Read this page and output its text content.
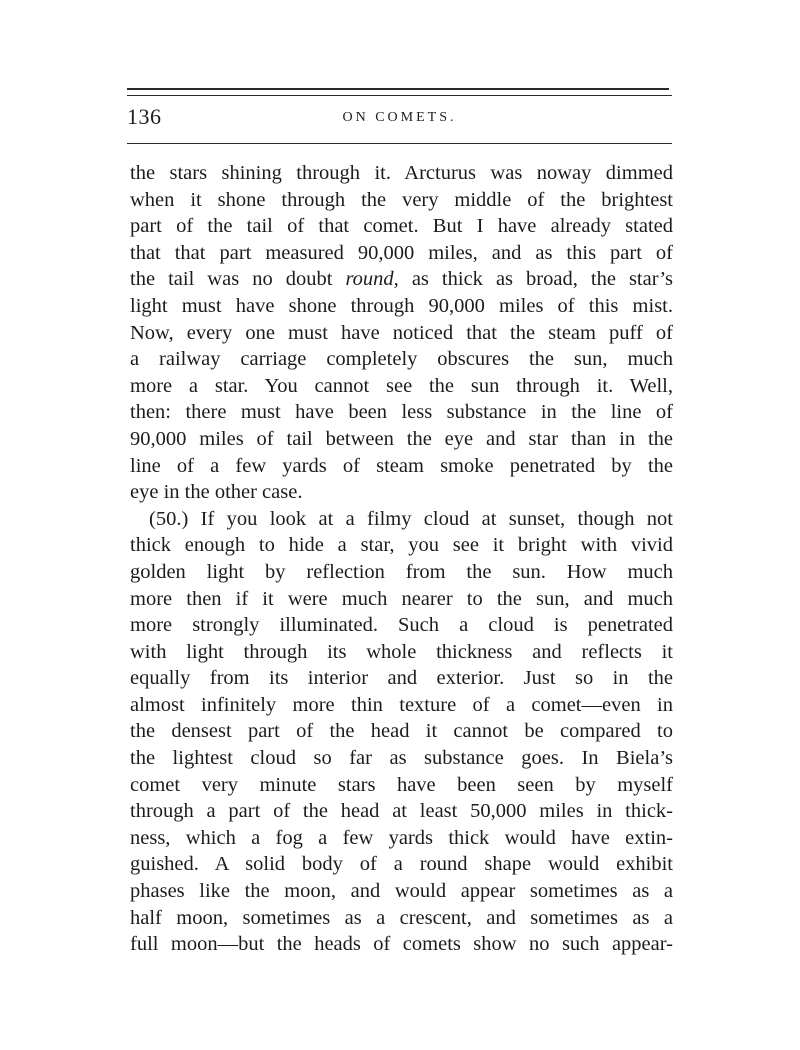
136	ON COMETS.
the stars shining through it. Arcturus was noway dimmed
when it shone through the very middle of the brightest
part of the tail of that comet. But I have already stated
that that part measured 90,000 miles, and as this part of
the tail was no doubt round, as thick as broad, the star’s
light must have shone through 90,000 miles of this mist.
Now, every one must have noticed that the steam puff of
a railway carriage completely obscures the sun, much
more a star. You cannot see the sun through it. Well,
then: there must have been less substance in the line of
90,000 miles of tail between the eye and star than in the
line of a few yards of steam smoke penetrated by the
eye in the other case.
(50.) If you look at a filmy cloud at sunset, though not
thick enough to hide a star, you see it bright with vivid
golden light by reflection from the sun. How much
more then if it were much nearer to the sun, and much
more strongly illuminated. Such a cloud is penetrated
with light through its whole thickness and reflects it
equally from its interior and exterior. Just so in the
almost infinitely more thin texture of a comet—even in
the densest part of the head it cannot be compared to
the lightest cloud so far as substance goes. In Biela’s
comet very minute stars have been seen by myself
through a part of the head at least 50,000 miles in thick-
ness, which a fog a few yards thick would have extin-
guished. A solid body of a round shape would exhibit
phases like the moon, and would appear sometimes as a
half moon, sometimes as a crescent, and sometimes as a
full moon—but the heads of comets show no such appear-
